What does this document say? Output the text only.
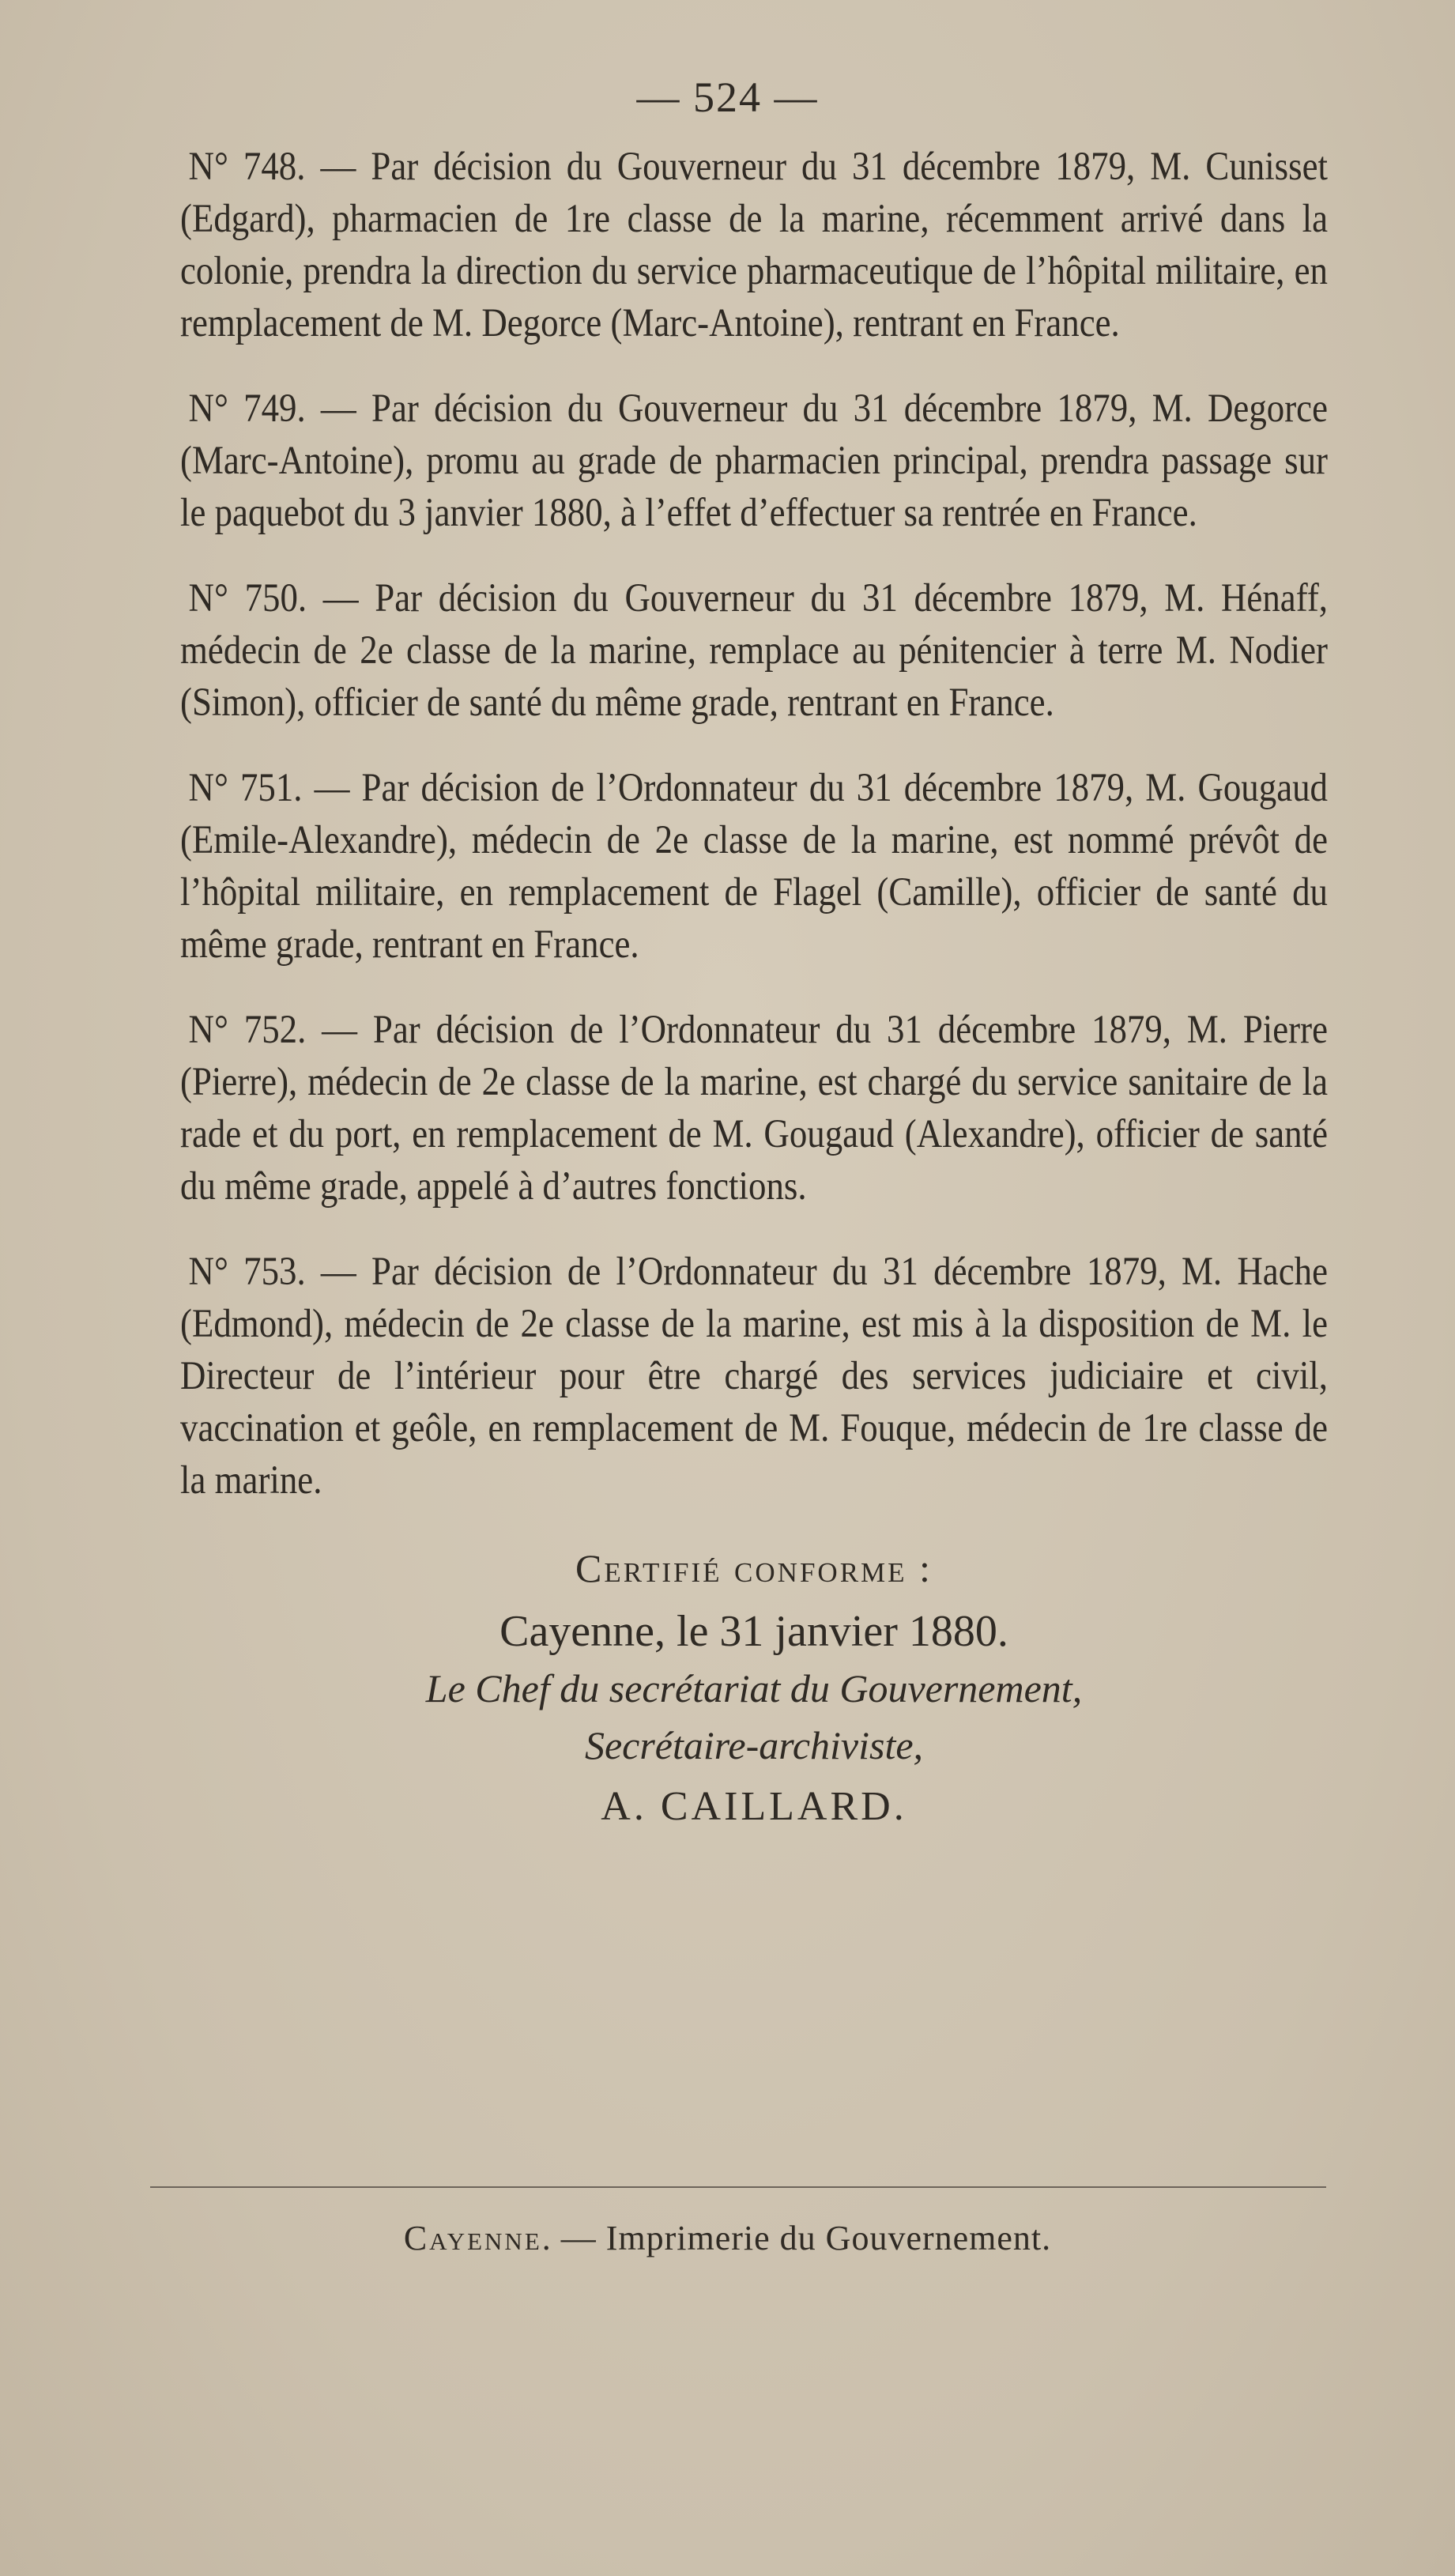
— 524 —

N° 748. — Par décision du Gouverneur du 31 décembre 1879, M. Cunisset (Edgard), pharmacien de 1re classe de la marine, récemment arrivé dans la colonie, prendra la direction du service pharmaceutique de l’hôpital militaire, en remplacement de M. Degorce (Marc-Antoine), rentrant en France.

N° 749. — Par décision du Gouverneur du 31 décembre 1879, M. Degorce (Marc-Antoine), promu au grade de pharmacien principal, prendra passage sur le paquebot du 3 janvier 1880, à l’effet d’effectuer sa rentrée en France.

N° 750. — Par décision du Gouverneur du 31 décembre 1879, M. Hénaff, médecin de 2e classe de la marine, remplace au pénitencier à terre M. Nodier (Simon), officier de santé du même grade, rentrant en France.

N° 751. — Par décision de l’Ordonnateur du 31 décembre 1879, M. Gougaud (Emile-Alexandre), médecin de 2e classe de la marine, est nommé prévôt de l’hôpital militaire, en remplacement de Flagel (Camille), officier de santé du même grade, rentrant en France.

N° 752. — Par décision de l’Ordonnateur du 31 décembre 1879, M. Pierre (Pierre), médecin de 2e classe de la marine, est chargé du service sanitaire de la rade et du port, en remplacement de M. Gougaud (Alexandre), officier de santé du même grade, appelé à d’autres fonctions.

N° 753. — Par décision de l’Ordonnateur du 31 décembre 1879, M. Hache (Edmond), médecin de 2e classe de la marine, est mis à la disposition de M. le Directeur de l’intérieur pour être chargé des services judiciaire et civil, vaccination et geôle, en remplacement de M. Fouque, médecin de 1re classe de la marine.

Certifié conforme :
Cayenne, le 31 janvier 1880.
Le Chef du secrétariat du Gouvernement,
Secrétaire-archiviste,
A. CAILLARD.
Cayenne. — Imprimerie du Gouvernement.
